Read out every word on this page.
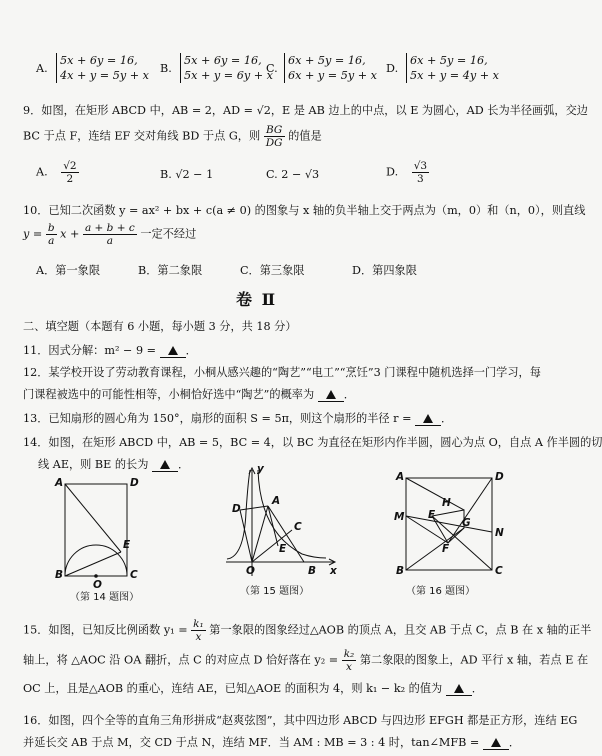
A.
5x + 6y = 16,
4x + y = 5y + x
B.
5x + 6y = 16,
5x + y = 6y + x
C.
6x + 5y = 16,
6x + y = 5y + x
D.
6x + 5y = 16,
5x + y = 4y + x
9．如图，在矩形 ABCD 中，AB = 2，AD = √2，E 是 AB 边上的中点，以 E 为圆心，AD 长为半径画弧，交边
BC 于点 F，连结 EF 交对角线 BD 于点 G，则 $\frac{BG}{DG}$ 的值是
A. $\frac{√2}{2}$	B. √2 − 1	C. 2 − √3	D. $\frac{√3}{3}$
10．已知二次函数 y = ax² + bx + c(a ≠ 0) 的图象与 x 轴的负半轴上交于两点为（m，0）和（n，0），则直线
$y = \frac{b}{a}$ $x + \frac{a + b + c}{a}$ 一定不经过
A．第一象限	B．第二象限	C．第三象限	D．第四象限
卷 Ⅱ
二、填空题（本题有 6 小题，每小题 3 分，共 18 分）
11．因式分解：m² − 9 =	．
12．某学校开设了劳动教育课程，小桐从感兴趣的“陶艺”“电工”“烹饪”3 门课程中随机选择一门学习，每
门课程被选中的可能性相等，小桐恰好选中“陶艺”的概率为	．
13．已知扇形的圆心角为 150°，扇形的面积 S = 5π，则这个扇形的半径 r =	．
14．如图，在矩形 ABCD 中，AB = 5，BC = 4，以 BC 为直径在矩形内作半圆，圆心为点 O，自点 A 作半圆的切
线 AE，则 BE 的长为	．
A	D
E
B
O
C
（第 14 题图）
y
x
D
A
C
E
O	B
（第 15 题图）
A	D
H
M E
G
N
F
B	C
（第 16 题图）
15．如图，已知反比例函数 $y_1 = \frac{\text{k₁}}{x}$ 第一象限的图象经过△AOB 的顶点 A，且交 AB 于点 C，点 B 在 x 轴的正半
轴上，将 △AOC 沿 OA 翻折，点 C 的对应点 D 恰好落在 $y_2 = \frac{\text{k₂}}{x}$ 第二象限的图象上，AD 平行 x 轴，若点 E 在
OC 上，且是△AOB 的重心，连结 AE，已知△AOE 的面积为 4，则 k₁ − k₂ 的值为	．
16．如图，四个全等的直角三角形拼成“赵爽弦图”，其中四边形 ABCD 与四边形 EFGH 都是正方形，连结 EG
并延长交 AB 于点 M，交 CD 于点 N，连结 MF．当 AM : MB = 3 : 4 时，tan∠MFB =	．
